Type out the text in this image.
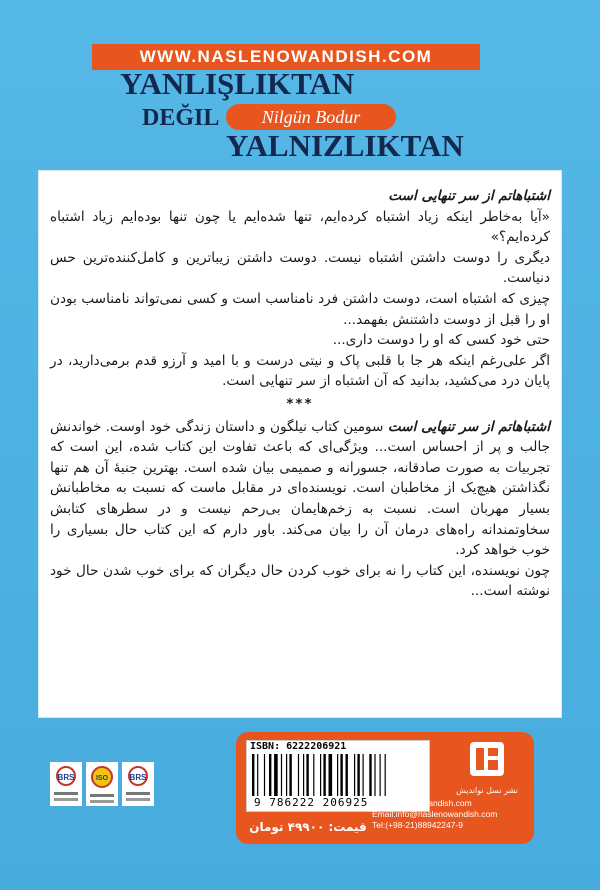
WWW.NASLENOWANDISH.COM
YANLIŞLIKTAN
DEĞIL	Nilgün Bodur
YALNIZLIKTAN

اشتباهاتم از سر تنهایی است

«آیا به‌خاطر اینکه زیاد اشتباه کرده‌ایم، تنها شده‌ایم یا چون تنها بوده‌ایم زیاد اشتباه کرده‌ایم؟»

دیگری را دوست داشتن اشتباه نیست. دوست داشتن زیباترین و کامل‌کننده‌ترین حس دنیاست.

چیزی که اشتباه است، دوست داشتن فرد نامناسب است و کسی نمی‌تواند نامناسب بودن او را قبل از دوست داشتنش بفهمد...

حتی خود کسی که او را دوست داری...

اگر علی‌رغم اینکه هر جا با قلبی پاک و نیتی درست و با امید و آرزو قدم برمی‌دارید، در پایان درد می‌کشید، بدانید که آن اشتباه از سر تنهایی است.

***

اشتباهاتم از سر تنهایی است سومین کتاب نیلگون و داستان زندگی خود اوست. خواندنش جالب و پر از احساس است... ویژگی‌ای که باعث تفاوت این کتاب شده، این است که تجربیات به صورت صادقانه، جسورانه و صمیمی بیان شده است. بهترین جنبهٔ آن هم تنها نگذاشتن هیچ‌یک از مخاطبان است. نویسنده‌ای در مقابل ماست که نسبت به مخاطبانش بسیار مهربان است. نسبت به زخم‌هایمان بی‌رحم نیست و در سطرهای کتابش سخاوتمندانه راه‌های درمان آن را بیان می‌کند. باور دارم که این کتاب حال بسیاری را خوب خواهد کرد.

چون نویسنده، این کتاب را نه برای خوب کردن حال دیگران که برای خوب شدن حال خود نوشته است...

BRS	ISO	BRS
ISBN: 6222206921
9 786222 206925
نشر نسل نواندیش
www.naslenowandish.com
Email:info@naslenowandish.com
Tel:(+98-21)88942247-9
قیمت: ۴۹۹۰۰ تومان
